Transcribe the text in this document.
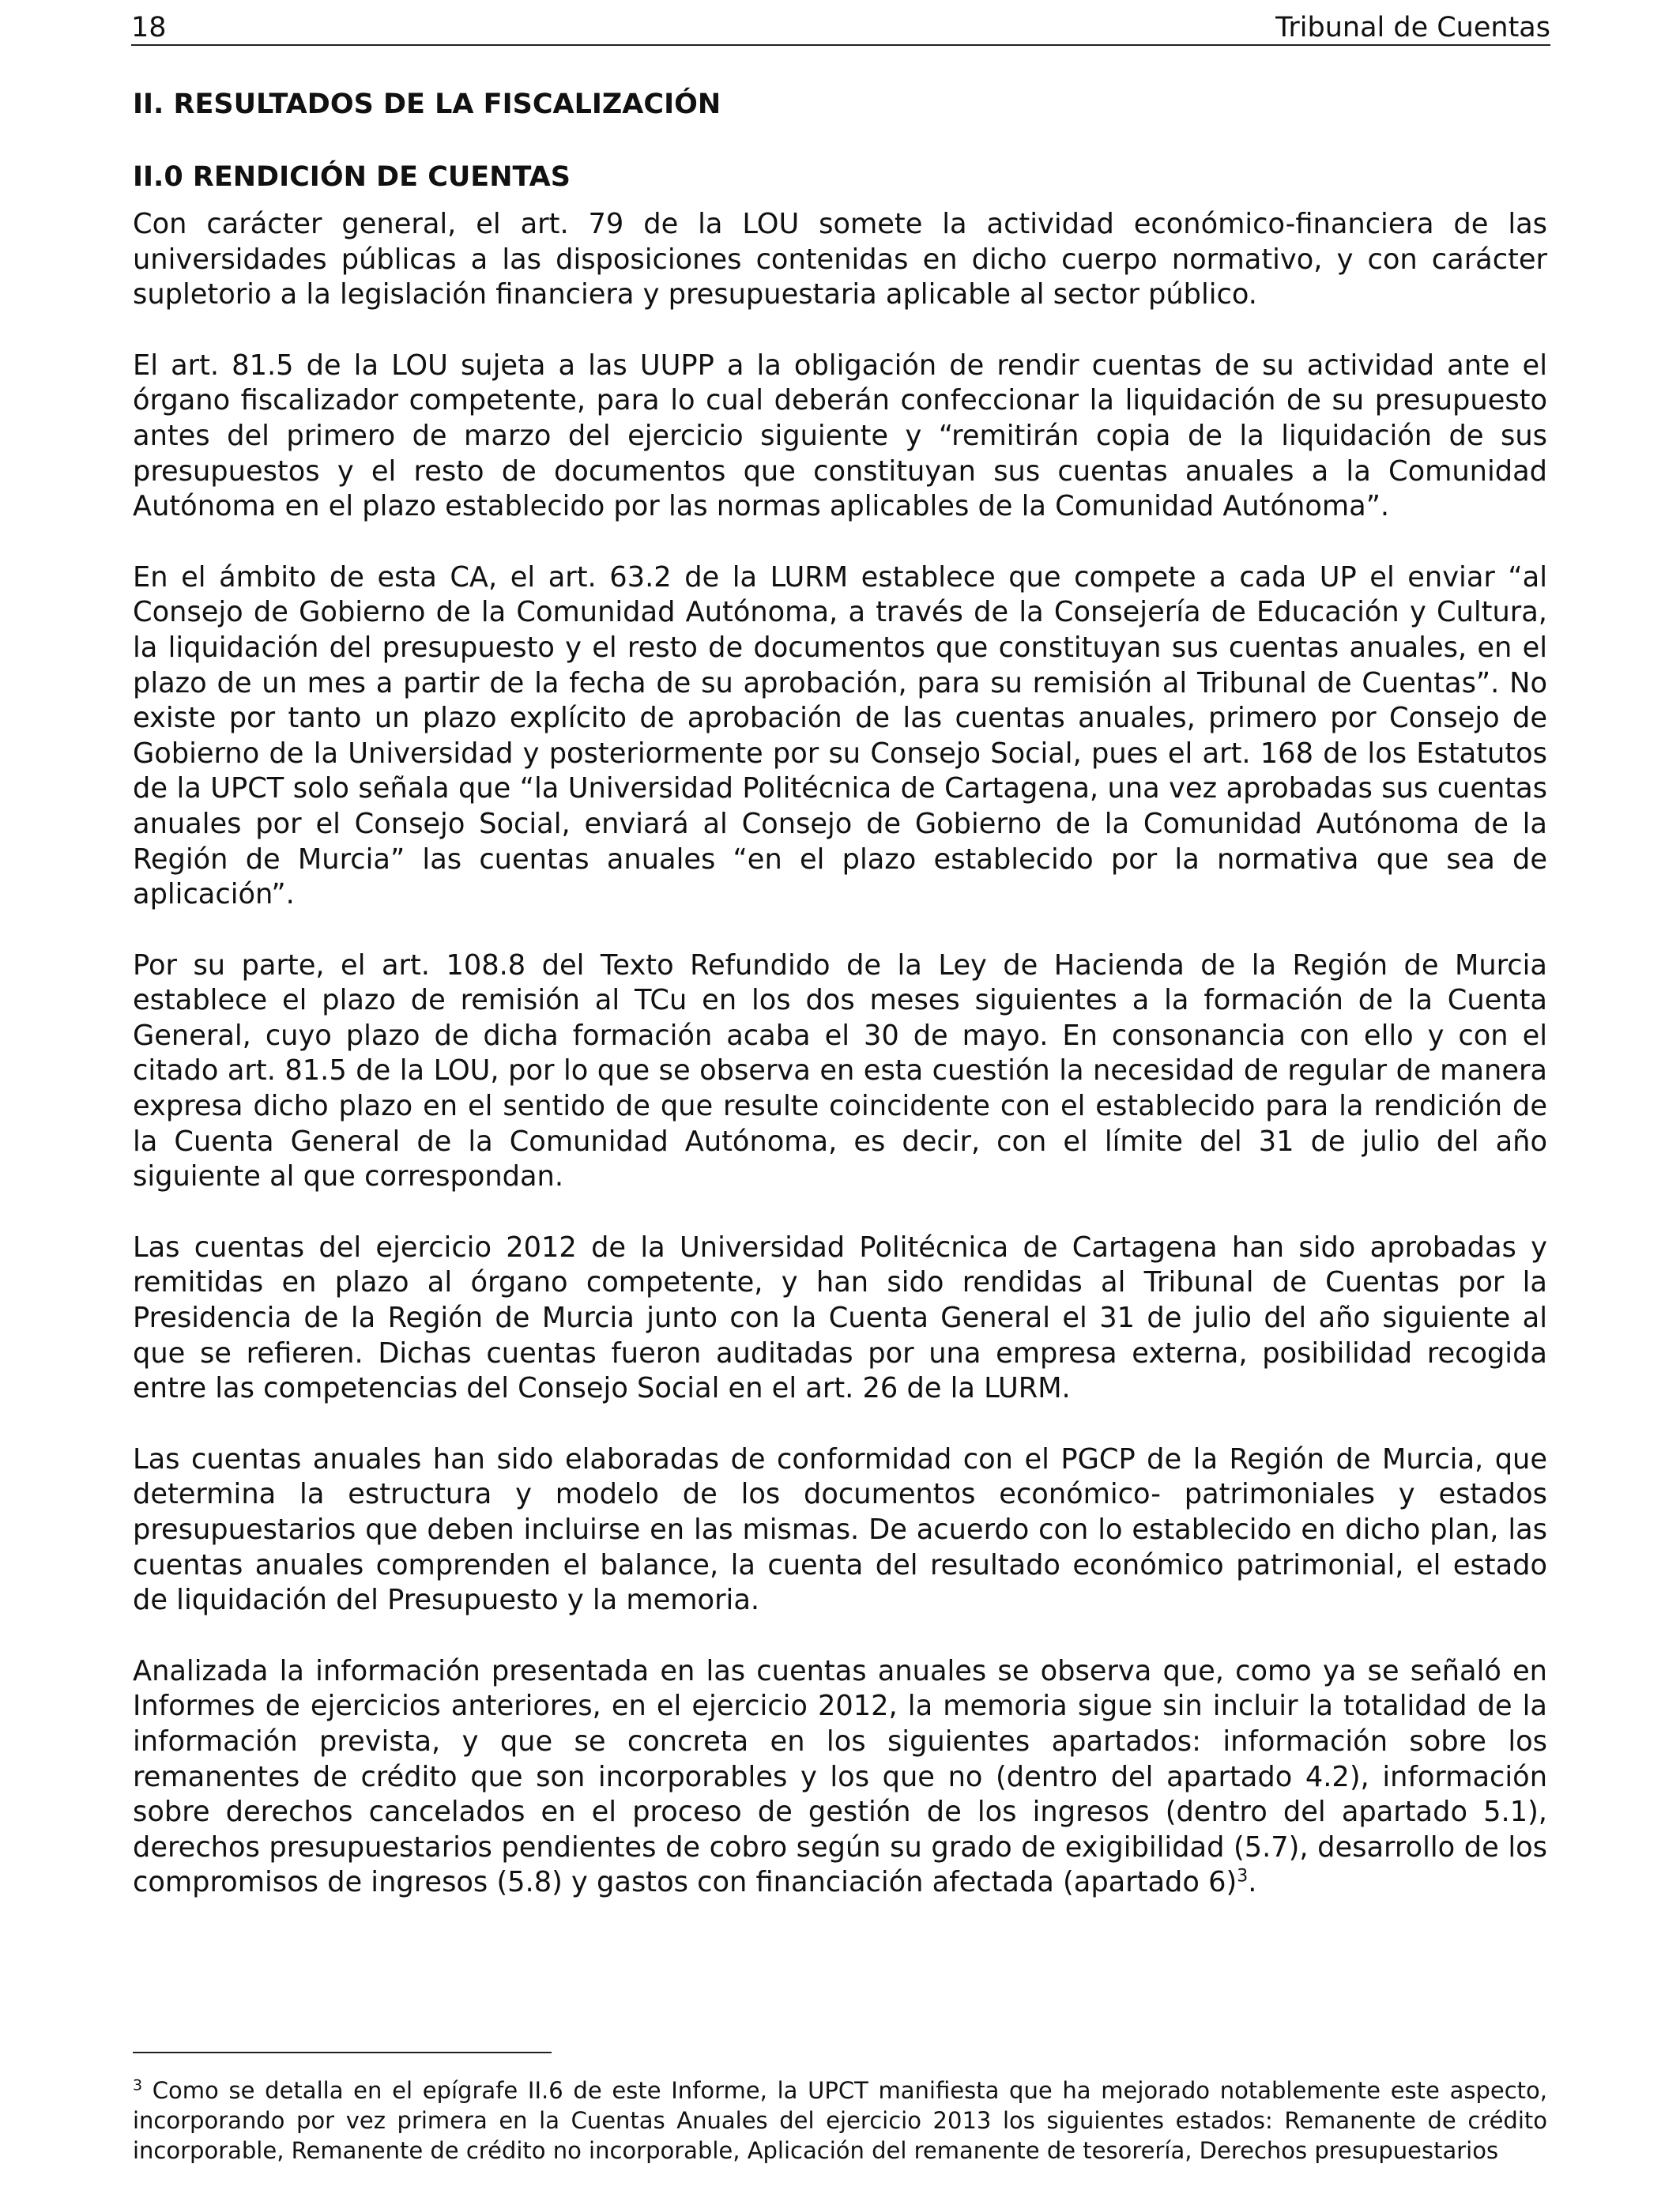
18	Tribunal de Cuentas
II. RESULTADOS DE LA FISCALIZACIÓN
II.0 RENDICIÓN DE CUENTAS

Con carácter general, el art. 79 de la LOU somete la actividad económico-financiera de las universidades públicas a las disposiciones contenidas en dicho cuerpo normativo, y con carácter supletorio a la legislación financiera y presupuestaria aplicable al sector público.

El art. 81.5 de la LOU sujeta a las UUPP a la obligación de rendir cuentas de su actividad ante el órgano fiscalizador competente, para lo cual deberán confeccionar la liquidación de su presupuesto antes del primero de marzo del ejercicio siguiente y “remitirán copia de la liquidación de sus presupuestos y el resto de documentos que constituyan sus cuentas anuales a la Comunidad Autónoma en el plazo establecido por las normas aplicables de la Comunidad Autónoma”.

En el ámbito de esta CA, el art. 63.2 de la LURM establece que compete a cada UP el enviar “al Consejo de Gobierno de la Comunidad Autónoma, a través de la Consejería de Educación y Cultura, la liquidación del presupuesto y el resto de documentos que constituyan sus cuentas anuales, en el plazo de un mes a partir de la fecha de su aprobación, para su remisión al Tribunal de Cuentas”. No existe por tanto un plazo explícito de aprobación de las cuentas anuales, primero por Consejo de Gobierno de la Universidad y posteriormente por su Consejo Social, pues el art. 168 de los Estatutos de la UPCT solo señala que “la Universidad Politécnica de Cartagena, una vez aprobadas sus cuentas anuales por el Consejo Social, enviará al Consejo de Gobierno de la Comunidad Autónoma de la Región de Murcia” las cuentas anuales “en el plazo establecido por la normativa que sea de aplicación”.

Por su parte, el art. 108.8 del Texto Refundido de la Ley de Hacienda de la Región de Murcia establece el plazo de remisión al TCu en los dos meses siguientes a la formación de la Cuenta General, cuyo plazo de dicha formación acaba el 30 de mayo. En consonancia con ello y con el citado art. 81.5 de la LOU, por lo que se observa en esta cuestión la necesidad de regular de manera expresa dicho plazo en el sentido de que resulte coincidente con el establecido para la rendición de la Cuenta General de la Comunidad Autónoma, es decir, con el límite del 31 de julio del año siguiente al que correspondan.

Las cuentas del ejercicio 2012 de la Universidad Politécnica de Cartagena han sido aprobadas y remitidas en plazo al órgano competente, y han sido rendidas al Tribunal de Cuentas por la Presidencia de la Región de Murcia junto con la Cuenta General el 31 de julio del año siguiente al que se refieren. Dichas cuentas fueron auditadas por una empresa externa, posibilidad recogida entre las competencias del Consejo Social en el art. 26 de la LURM.

Las cuentas anuales han sido elaboradas de conformidad con el PGCP de la Región de Murcia, que determina la estructura y modelo de los documentos económico- patrimoniales y estados presupuestarios que deben incluirse en las mismas. De acuerdo con lo establecido en dicho plan, las cuentas anuales comprenden el balance, la cuenta del resultado económico patrimonial, el estado de liquidación del Presupuesto y la memoria.

Analizada la información presentada en las cuentas anuales se observa que, como ya se señaló en Informes de ejercicios anteriores, en el ejercicio 2012, la memoria sigue sin incluir la totalidad de la información prevista, y que se concreta en los siguientes apartados: información sobre los remanentes de crédito que son incorporables y los que no (dentro del apartado 4.2), información sobre derechos cancelados en el proceso de gestión de los ingresos (dentro del apartado 5.1), derechos presupuestarios pendientes de cobro según su grado de exigibilidad (5.7), desarrollo de los compromisos de ingresos (5.8) y gastos con financiación afectada (apartado 6)$^3$.

$^3$ Como se detalla en el epígrafe II.6 de este Informe, la UPCT manifiesta que ha mejorado notablemente este aspecto, incorporando por vez primera en la Cuentas Anuales del ejercicio 2013 los siguientes estados: Remanente de crédito incorporable, Remanente de crédito no incorporable, Aplicación del remanente de tesorería, Derechos presupuestarios
